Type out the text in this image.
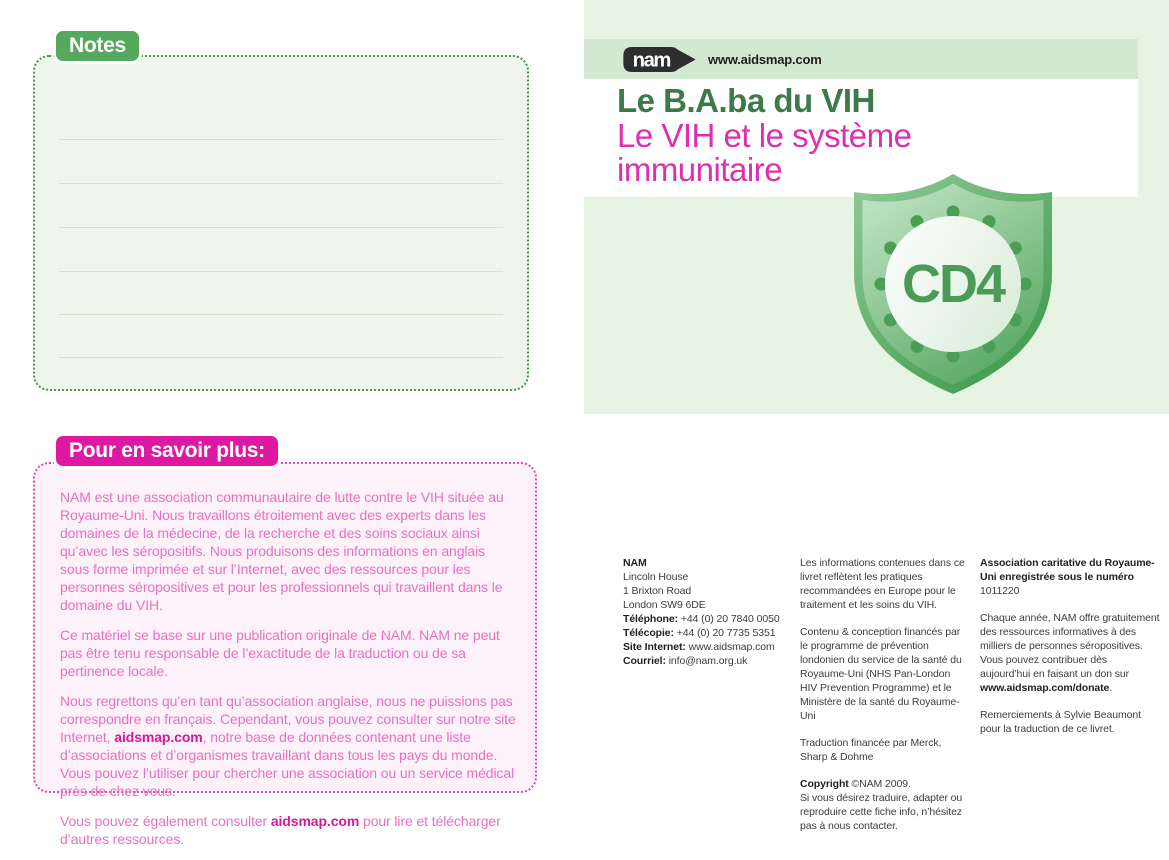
Notes

NAM est une association communautaire de lutte contre le VIH située au Royaume-Uni. Nous travaillons étroitement avec des experts dans les domaines de la médecine, de la recherche et des soins sociaux ainsi qu’avec les séropositifs. Nous produisons des informations en anglais sous forme imprimée et sur l’Internet, avec des ressources pour les personnes séropositives et pour les professionnels qui travaillent dans le domaine du VIH.

Ce matériel se base sur une publication originale de NAM. NAM ne peut pas être tenu responsable de l’exactitude de la traduction ou de sa pertinence locale.

Nous regrettons qu’en tant qu’association anglaise, nous ne puissions pas correspondre en français. Cependant, vous pouvez consulter sur notre site Internet, aidsmap.com, notre base de données contenant une liste d’associations et d’organismes travaillant dans tous les pays du monde. Vous pouvez l’utiliser pour chercher une association ou un service médical près de chez vous.

Vous pouvez également consulter aidsmap.com pour lire et télécharger d’autres ressources.

Pour en savoir plus:
nam	www.aidsmap.com
Le B.A.ba du VIH
Le VIH et le système immunitaire
CD4
NAM
Lincoln House
1 Brixton Road
London SW9 6DE
Téléphone: +44 (0) 20 7840 0050
Télécopie: +44 (0) 20 7735 5351
Site Internet: www.aidsmap.com
Courriel: info@nam.org.uk

Les informations contenues dans ce livret reflètent les pratiques recommandées en Europe pour le traitement et les soins du VIH.

Contenu & conception financés par le programme de prévention londonien du service de la santé du Royaume-Uni (NHS Pan-London HIV Prevention Programme) et le Ministère de la santé du Royaume-Uni

Traduction financée par Merck, Sharp & Dohme

Copyright ©NAM 2009.
Si vous désirez traduire, adapter ou reproduire cette fiche info, n’hésitez pas à nous contacter.

Association caritative du Royaume-Uni enregistrée sous le numéro 1011220

Chaque année, NAM offre gratuitement des ressources informatives à des milliers de personnes séropositives.
Vous pouvez contribuer dès aujourd’hui en faisant un don sur www.aidsmap.com/donate.

Remerciements à Sylvie Beaumont pour la traduction de ce livret.
